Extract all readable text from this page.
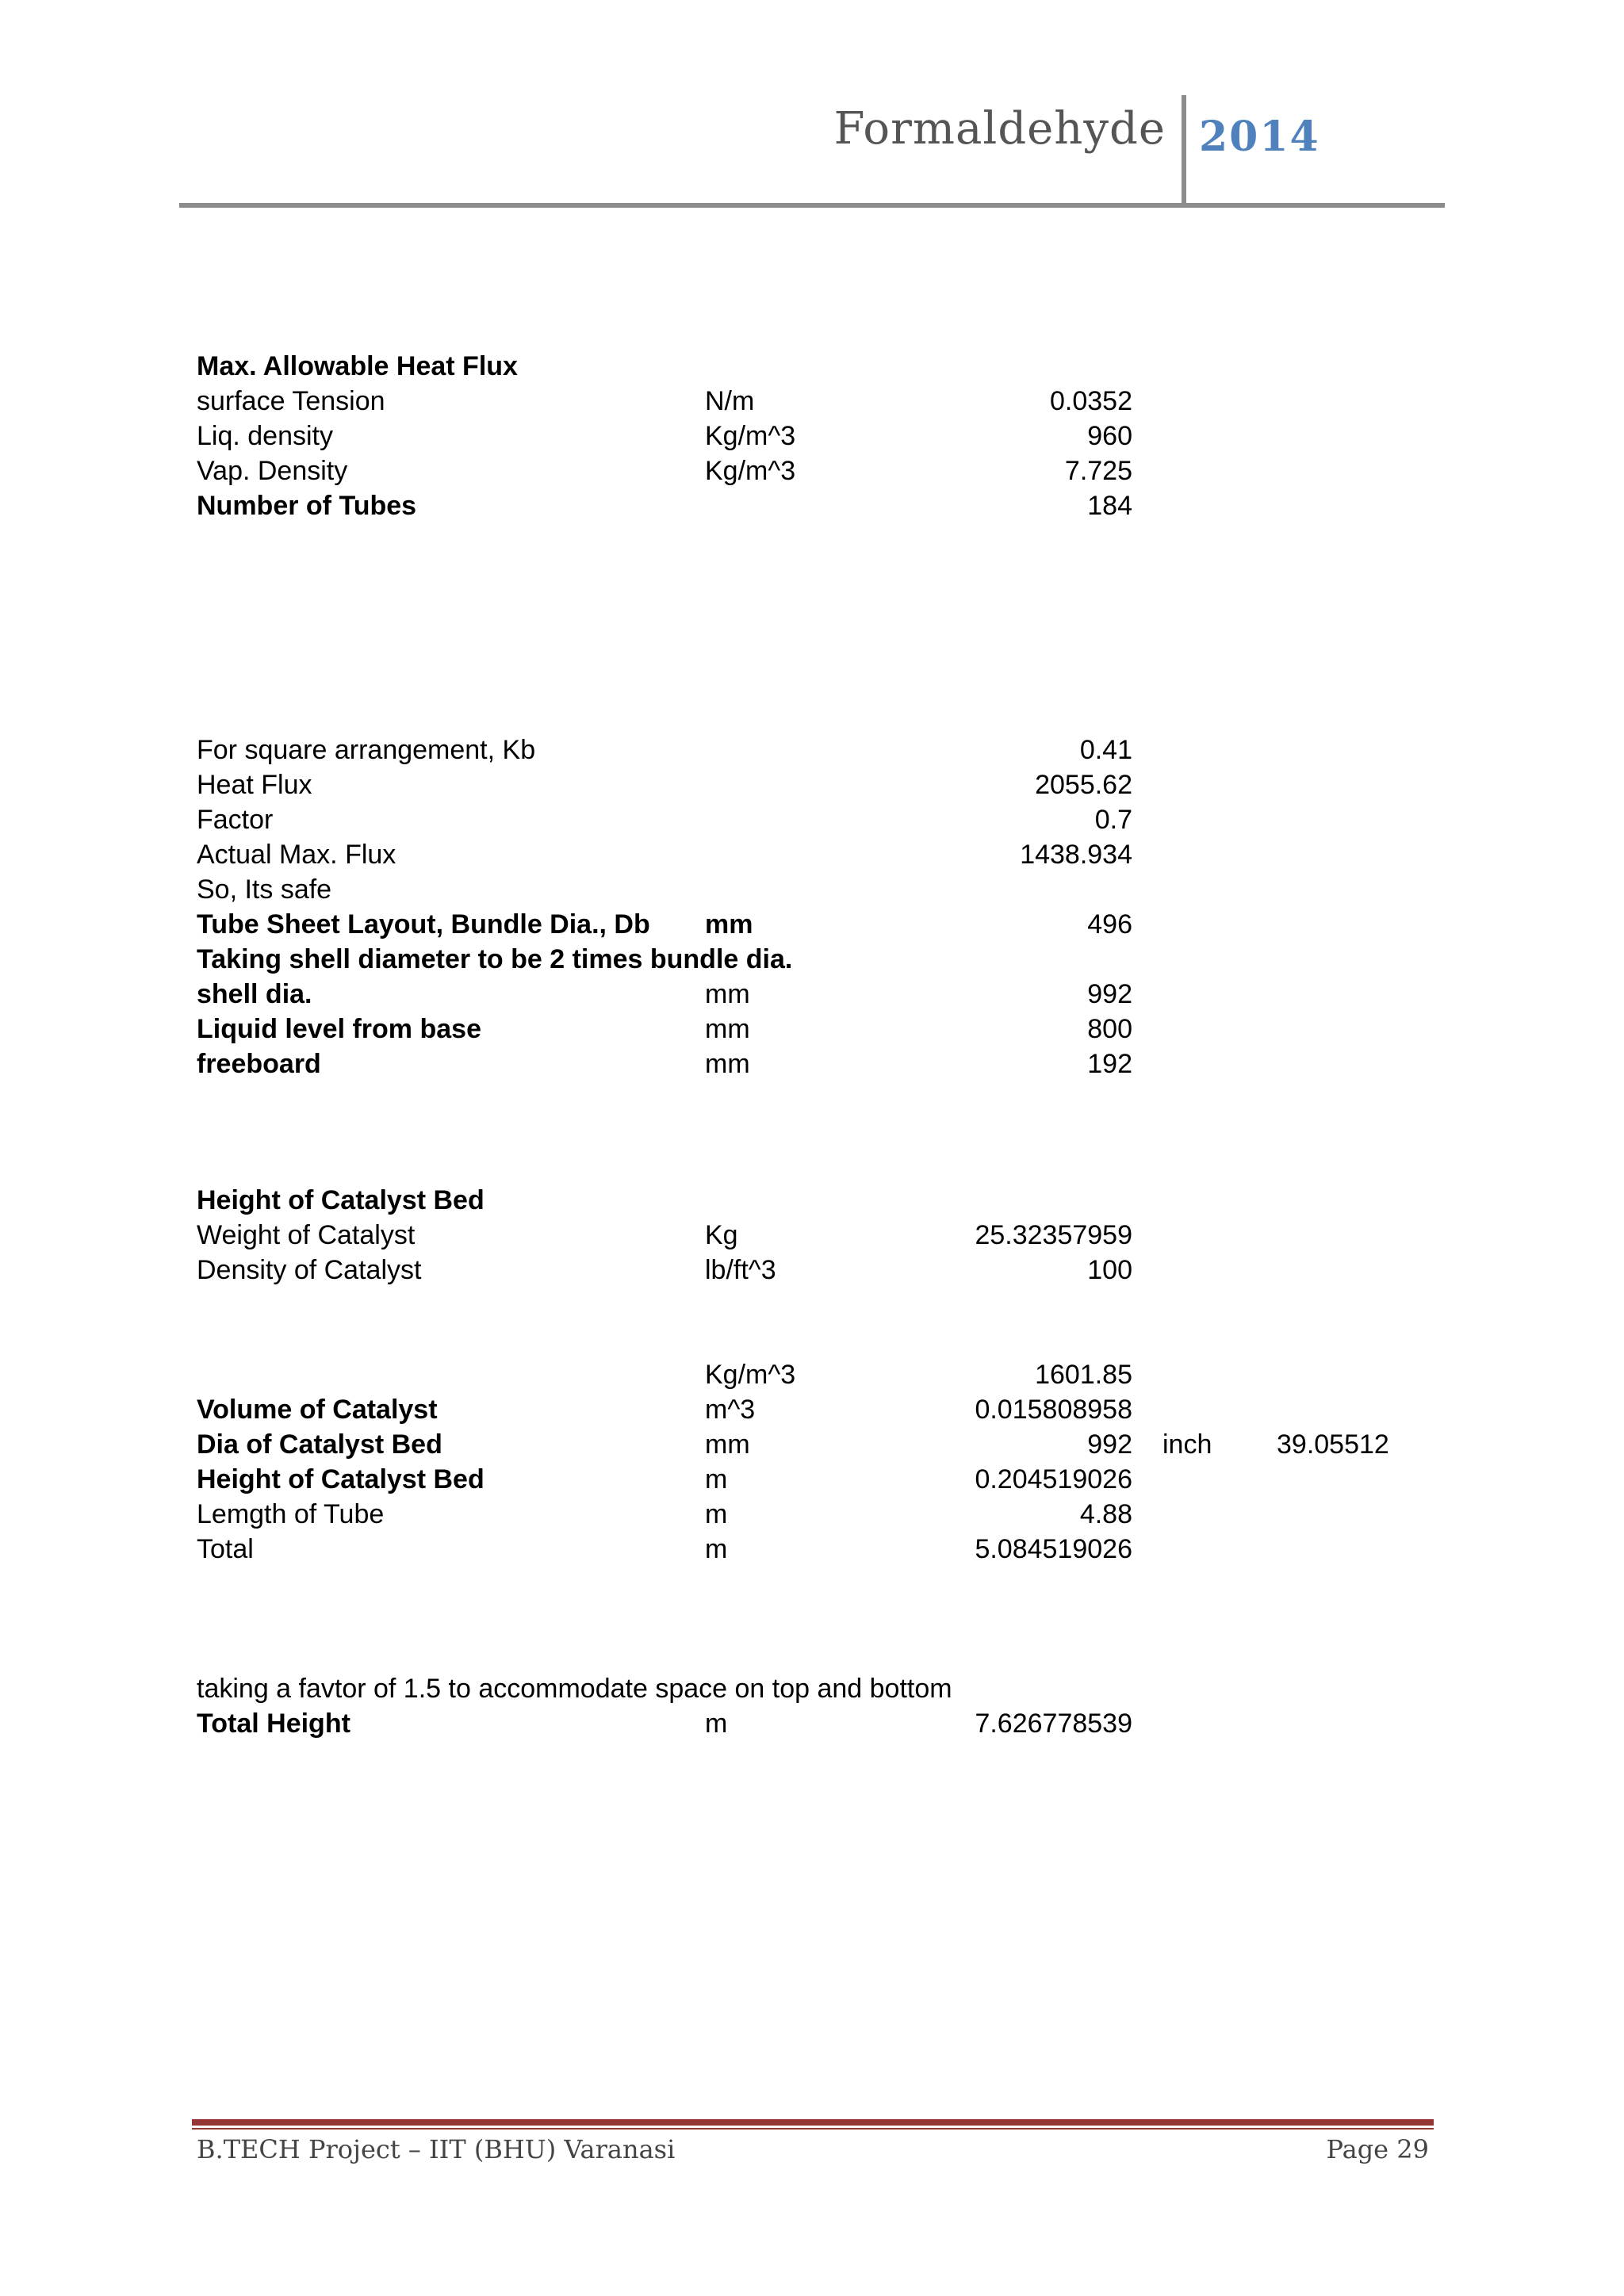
Formaldehyde 2014
Max. Allowable Heat Flux
surface Tension	N/m	0.0352
Liq. density	Kg/m^3	960
Vap. Density	Kg/m^3	7.725
Number of Tubes	184
For square arrangement, Kb	0.41
Heat Flux	2055.62
Factor	0.7
Actual Max. Flux	1438.934
So, Its safe
Tube Sheet Layout, Bundle Dia., Db mm	496
Taking shell diameter to be 2 times bundle dia.
shell dia.	mm	992
Liquid level from base	mm	800
freeboard	mm	192
Height of Catalyst Bed
Weight of Catalyst	Kg	25.32357959
Density of Catalyst	lb/ft^3	100
Kg/m^3	1601.85
Volume of Catalyst	m^3	0.015808958
Dia of Catalyst Bed	mm	992 inch 39.05512
Height of Catalyst Bed	m	0.204519026
Lemgth of Tube	m	4.88
Total	m	5.084519026
taking a favtor of 1.5 to accommodate space on top and bottom
Total Height	m	7.626778539
B.TECH Project – IIT (BHU) Varanasi	Page 29
